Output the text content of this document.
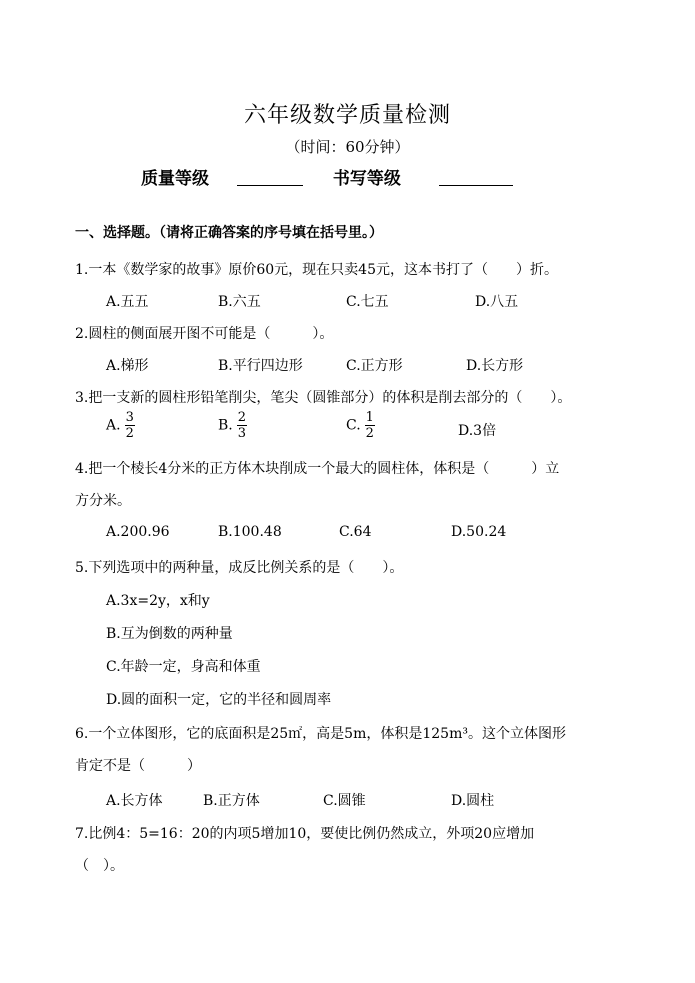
六年级数学质量检测
（时间：60分钟）
质量等级	书写等级
一、选择题。（请将正确答案的序号填在括号里。）
1.一本《数学家的故事》原价60元，现在只卖45元，这本书打了（　　）折。
A.五五	B.六五	C.七五	D.八五
2.圆柱的侧面展开图不可能是（　　　）。
A.梯形	B.平行四边形	C.正方形	D.长方形
3.把一支新的圆柱形铅笔削尖，笔尖（圆锥部分）的体积是削去部分的（　　）。
A. $\frac{3}{2}$	B. $\frac{2}{3}$	C. $\frac{1}{2}$	D.3倍
4.把一个棱长4分米的正方体木块削成一个最大的圆柱体，体积是（　　　）立
方分米。
A.200.96	B.100.48	C.64	D.50.24
5.下列选项中的两种量，成反比例关系的是（　　）。
A.3x=2y，x和y
B.互为倒数的两种量
C.年龄一定，身高和体重
D.圆的面积一定，它的半径和圆周率
6.一个立体图形，它的底面积是25㎡，高是5m，体积是125m³。这个立体图形
肯定不是（　　　）
A.长方体	B.正方体	C.圆锥	D.圆柱
7.比例4：5=16：20的内项5增加10，要使比例仍然成立，外项20应增加
（　）。
